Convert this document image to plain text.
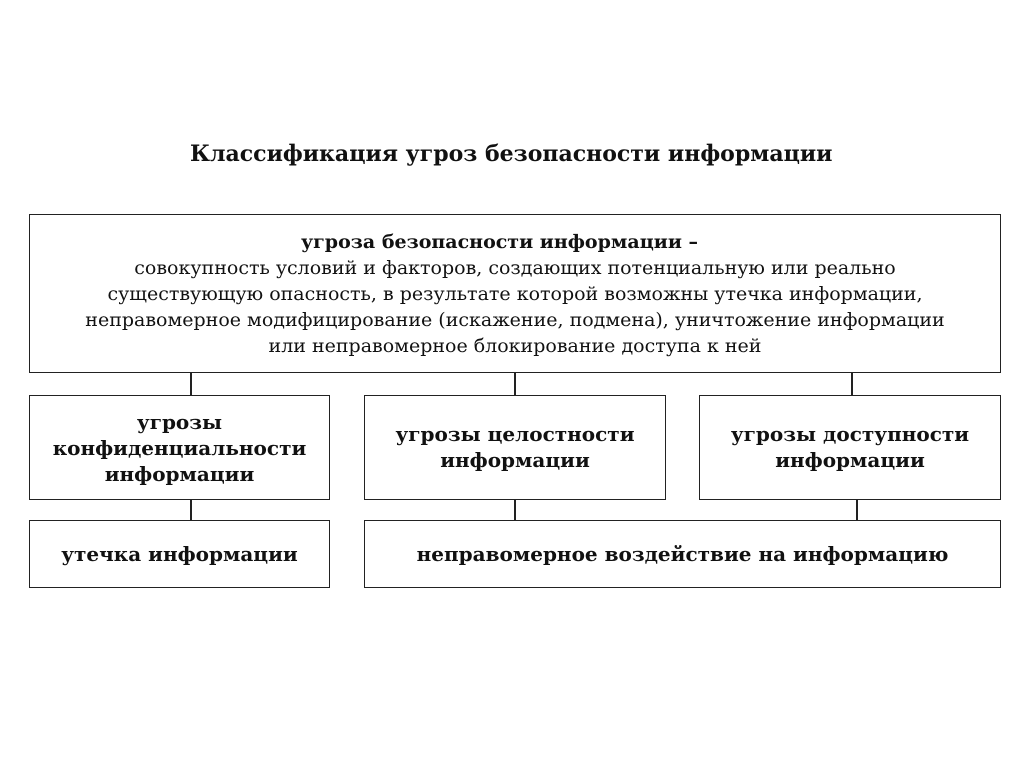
Классификация угроз безопасности информации
угроза безопасности информации –
совокупность условий и факторов, создающих потенциальную или реально
существующую опасность, в результате которой возможны утечка информации,
неправомерное модифицирование (искажение, подмена), уничтожение информации
или неправомерное блокирование доступа к ней
угрозы
конфиденциальности
информации
угрозы целостности
информации
угрозы доступности
информации
утечка информации	неправомерное воздействие на информацию
